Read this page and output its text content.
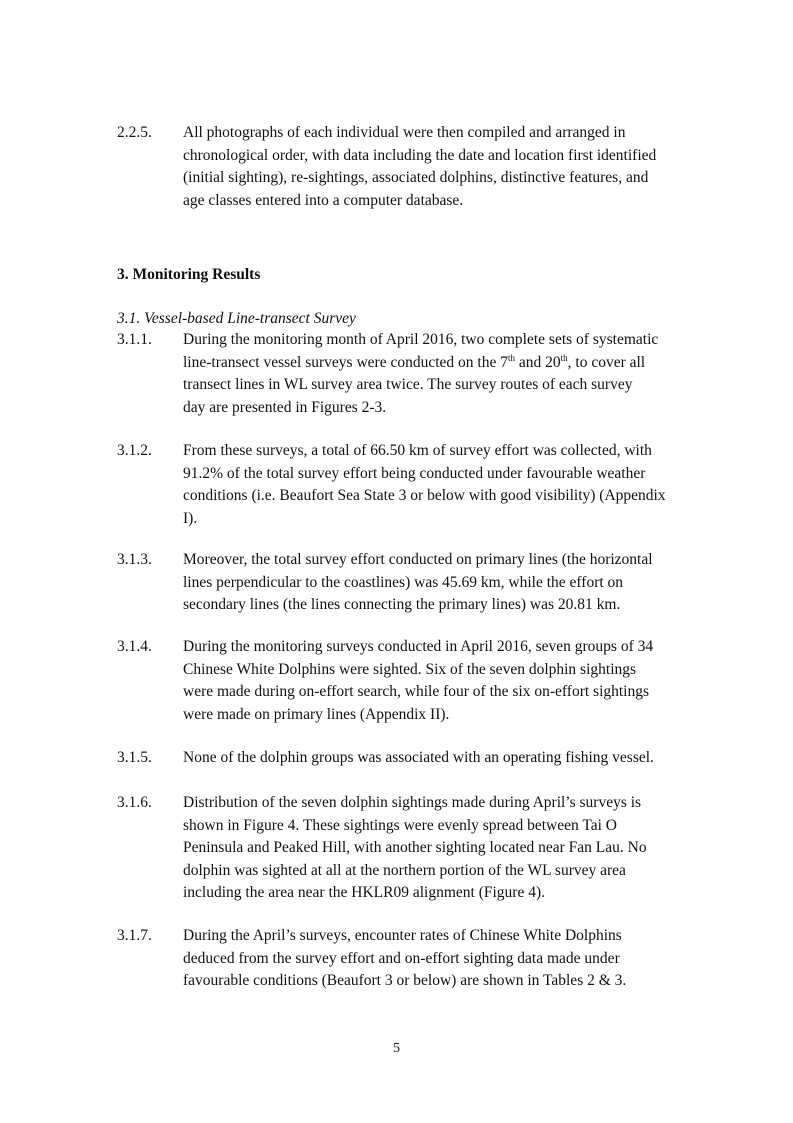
2.2.5.	All photographs of each individual were then compiled and arranged in
chronological order, with data including the date and location first identified
(initial sighting), re-sightings, associated dolphins, distinctive features, and
age classes entered into a computer database.
3. Monitoring Results
3.1. Vessel-based Line-transect Survey
3.1.1.	During the monitoring month of April 2016, two complete sets of systematic
line-transect vessel surveys were conducted on the 7th and 20th, to cover all
transect lines in WL survey area twice. The survey routes of each survey
day are presented in Figures 2-3.
3.1.2.	From these surveys, a total of 66.50 km of survey effort was collected, with
91.2% of the total survey effort being conducted under favourable weather
conditions (i.e. Beaufort Sea State 3 or below with good visibility) (Appendix
I).
3.1.3.	Moreover, the total survey effort conducted on primary lines (the horizontal
lines perpendicular to the coastlines) was 45.69 km, while the effort on
secondary lines (the lines connecting the primary lines) was 20.81 km.
3.1.4.	During the monitoring surveys conducted in April 2016, seven groups of 34
Chinese White Dolphins were sighted. Six of the seven dolphin sightings
were made during on-effort search, while four of the six on-effort sightings
were made on primary lines (Appendix II).
3.1.5.	None of the dolphin groups was associated with an operating fishing vessel.
3.1.6.	Distribution of the seven dolphin sightings made during April’s surveys is
shown in Figure 4. These sightings were evenly spread between Tai O
Peninsula and Peaked Hill, with another sighting located near Fan Lau. No
dolphin was sighted at all at the northern portion of the WL survey area
including the area near the HKLR09 alignment (Figure 4).
3.1.7.	During the April’s surveys, encounter rates of Chinese White Dolphins
deduced from the survey effort and on-effort sighting data made under
favourable conditions (Beaufort 3 or below) are shown in Tables 2 & 3.
5
